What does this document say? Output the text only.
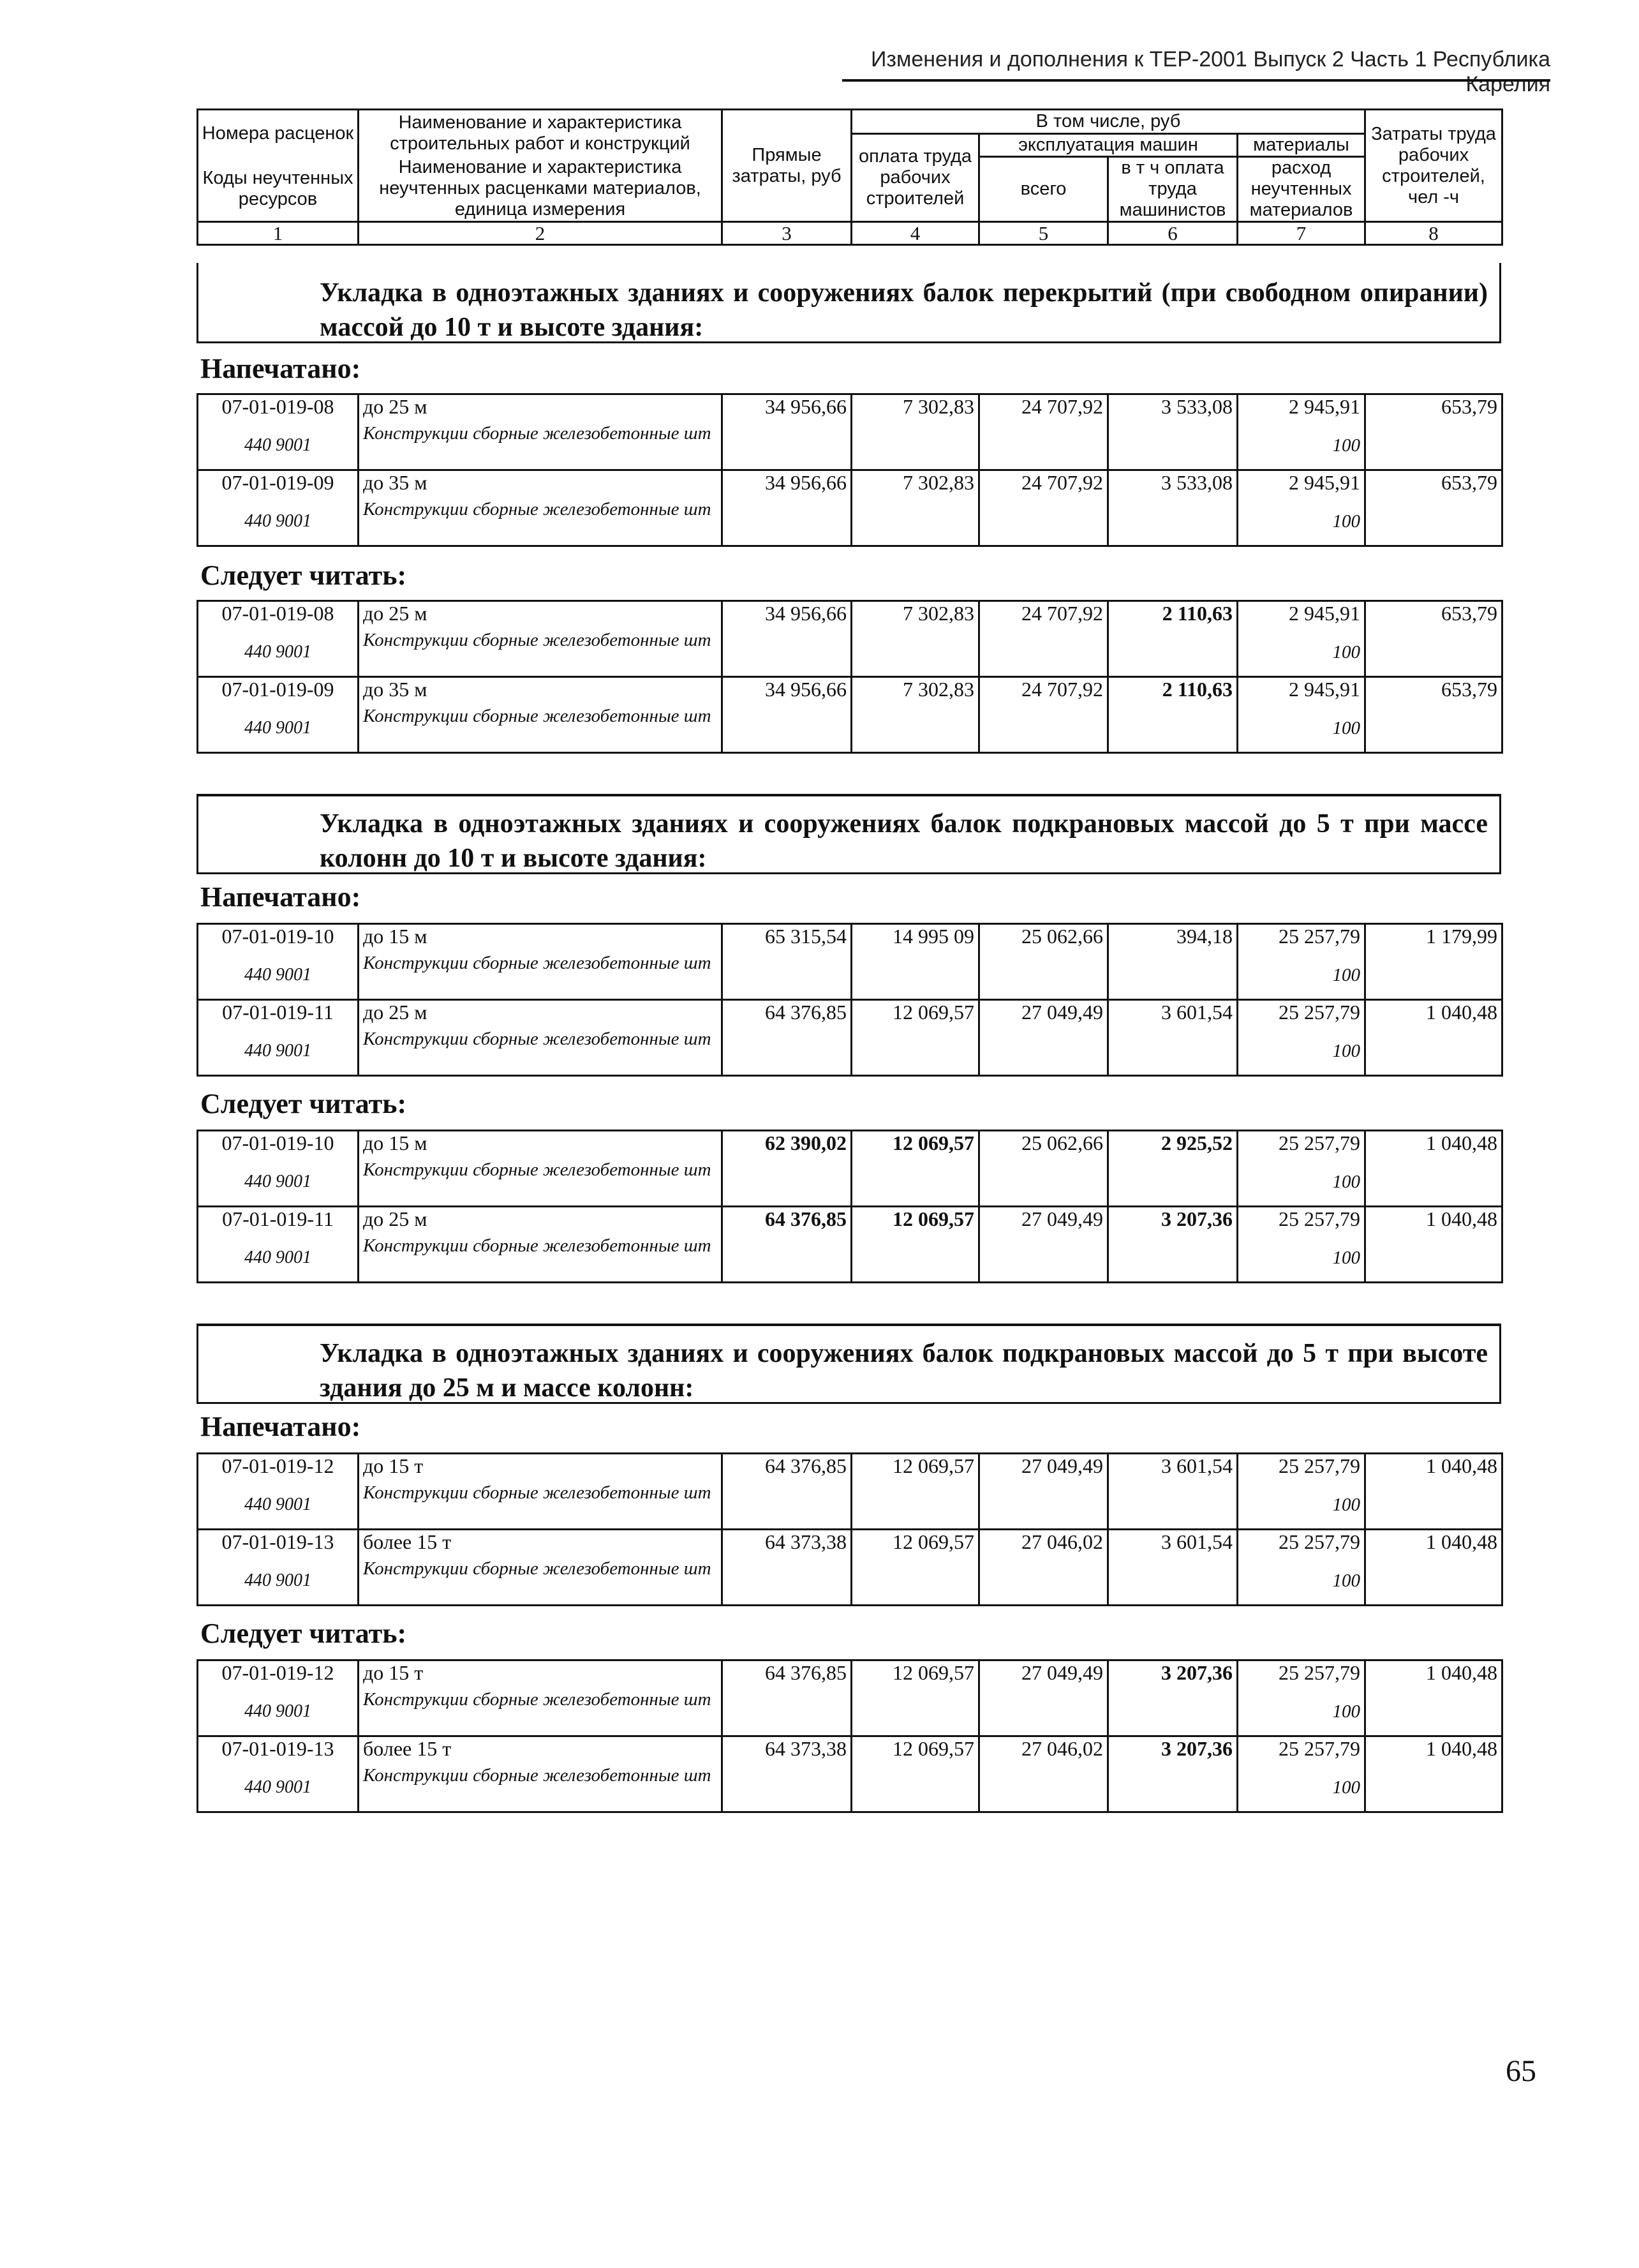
Изменения и дополнения к ТЕР-2001 Выпуск 2 Часть 1 Республика Карелия
Номера расценок	Наименование и характеристика строительных работ и конструкций	Прямые затраты, руб	В том числе, руб				Затраты труда рабочих строителей, чел -ч
			оплата труда рабочих строителей	эксплуатация машин		материалы	
Коды неучтенных ресурсов	Наименование и характеристика неучтенных расценками материалов, единица измерения			всего	в т ч оплата труда машинистов	расход неучтенных материалов	

1	2	3	4	5	6	7	8
Укладка в одноэтажных зданиях и сооружениях балок перекрытий (при свободном опирании) массой до 10 т и высоте здания:
Напечатано:
07-01-019-08	до 25 м	34 956,66	7 302,83	24 707,92	3 533,08	2 945,91	653,79
440 9001	Конструкции сборные железобетонные шт					100	
07-01-019-09	до 35 м	34 956,66	7 302,83	24 707,92	3 533,08	2 945,91	653,79
440 9001	Конструкции сборные железобетонные шт					100	
Следует читать:
07-01-019-08	до 25 м	34 956,66	7 302,83	24 707,92	2 110,63	2 945,91	653,79
440 9001	Конструкции сборные железобетонные шт					100	
07-01-019-09	до 35 м	34 956,66	7 302,83	24 707,92	2 110,63	2 945,91	653,79
440 9001	Конструкции сборные железобетонные шт					100	
Укладка в одноэтажных зданиях и сооружениях балок подкрановых массой до 5 т при массе колонн до 10 т и высоте здания:
Напечатано:
07-01-019-10	до 15 м	65 315,54	14 995 09	25 062,66	394,18	25 257,79	1 179,99
440 9001	Конструкции сборные железобетонные шт					100	
07-01-019-11	до 25 м	64 376,85	12 069,57	27 049,49	3 601,54	25 257,79	1 040,48
440 9001	Конструкции сборные железобетонные шт					100	
Следует читать:
07-01-019-10	до 15 м	62 390,02	12 069,57	25 062,66	2 925,52	25 257,79	1 040,48
440 9001	Конструкции сборные железобетонные шт					100	
07-01-019-11	до 25 м	64 376,85	12 069,57	27 049,49	3 207,36	25 257,79	1 040,48
440 9001	Конструкции сборные железобетонные шт					100	
Укладка в одноэтажных зданиях и сооружениях балок подкрановых массой до 5 т при высоте здания до 25 м и массе колонн:
Напечатано:
07-01-019-12	до 15 т	64 376,85	12 069,57	27 049,49	3 601,54	25 257,79	1 040,48
440 9001	Конструкции сборные железобетонные шт					100	
07-01-019-13	более 15 т	64 373,38	12 069,57	27 046,02	3 601,54	25 257,79	1 040,48
440 9001	Конструкции сборные железобетонные шт					100	
Следует читать:
07-01-019-12	до 15 т	64 376,85	12 069,57	27 049,49	3 207,36	25 257,79	1 040,48
440 9001	Конструкции сборные железобетонные шт					100	
07-01-019-13	более 15 т	64 373,38	12 069,57	27 046,02	3 207,36	25 257,79	1 040,48
440 9001	Конструкции сборные железобетонные шт					100	
65
